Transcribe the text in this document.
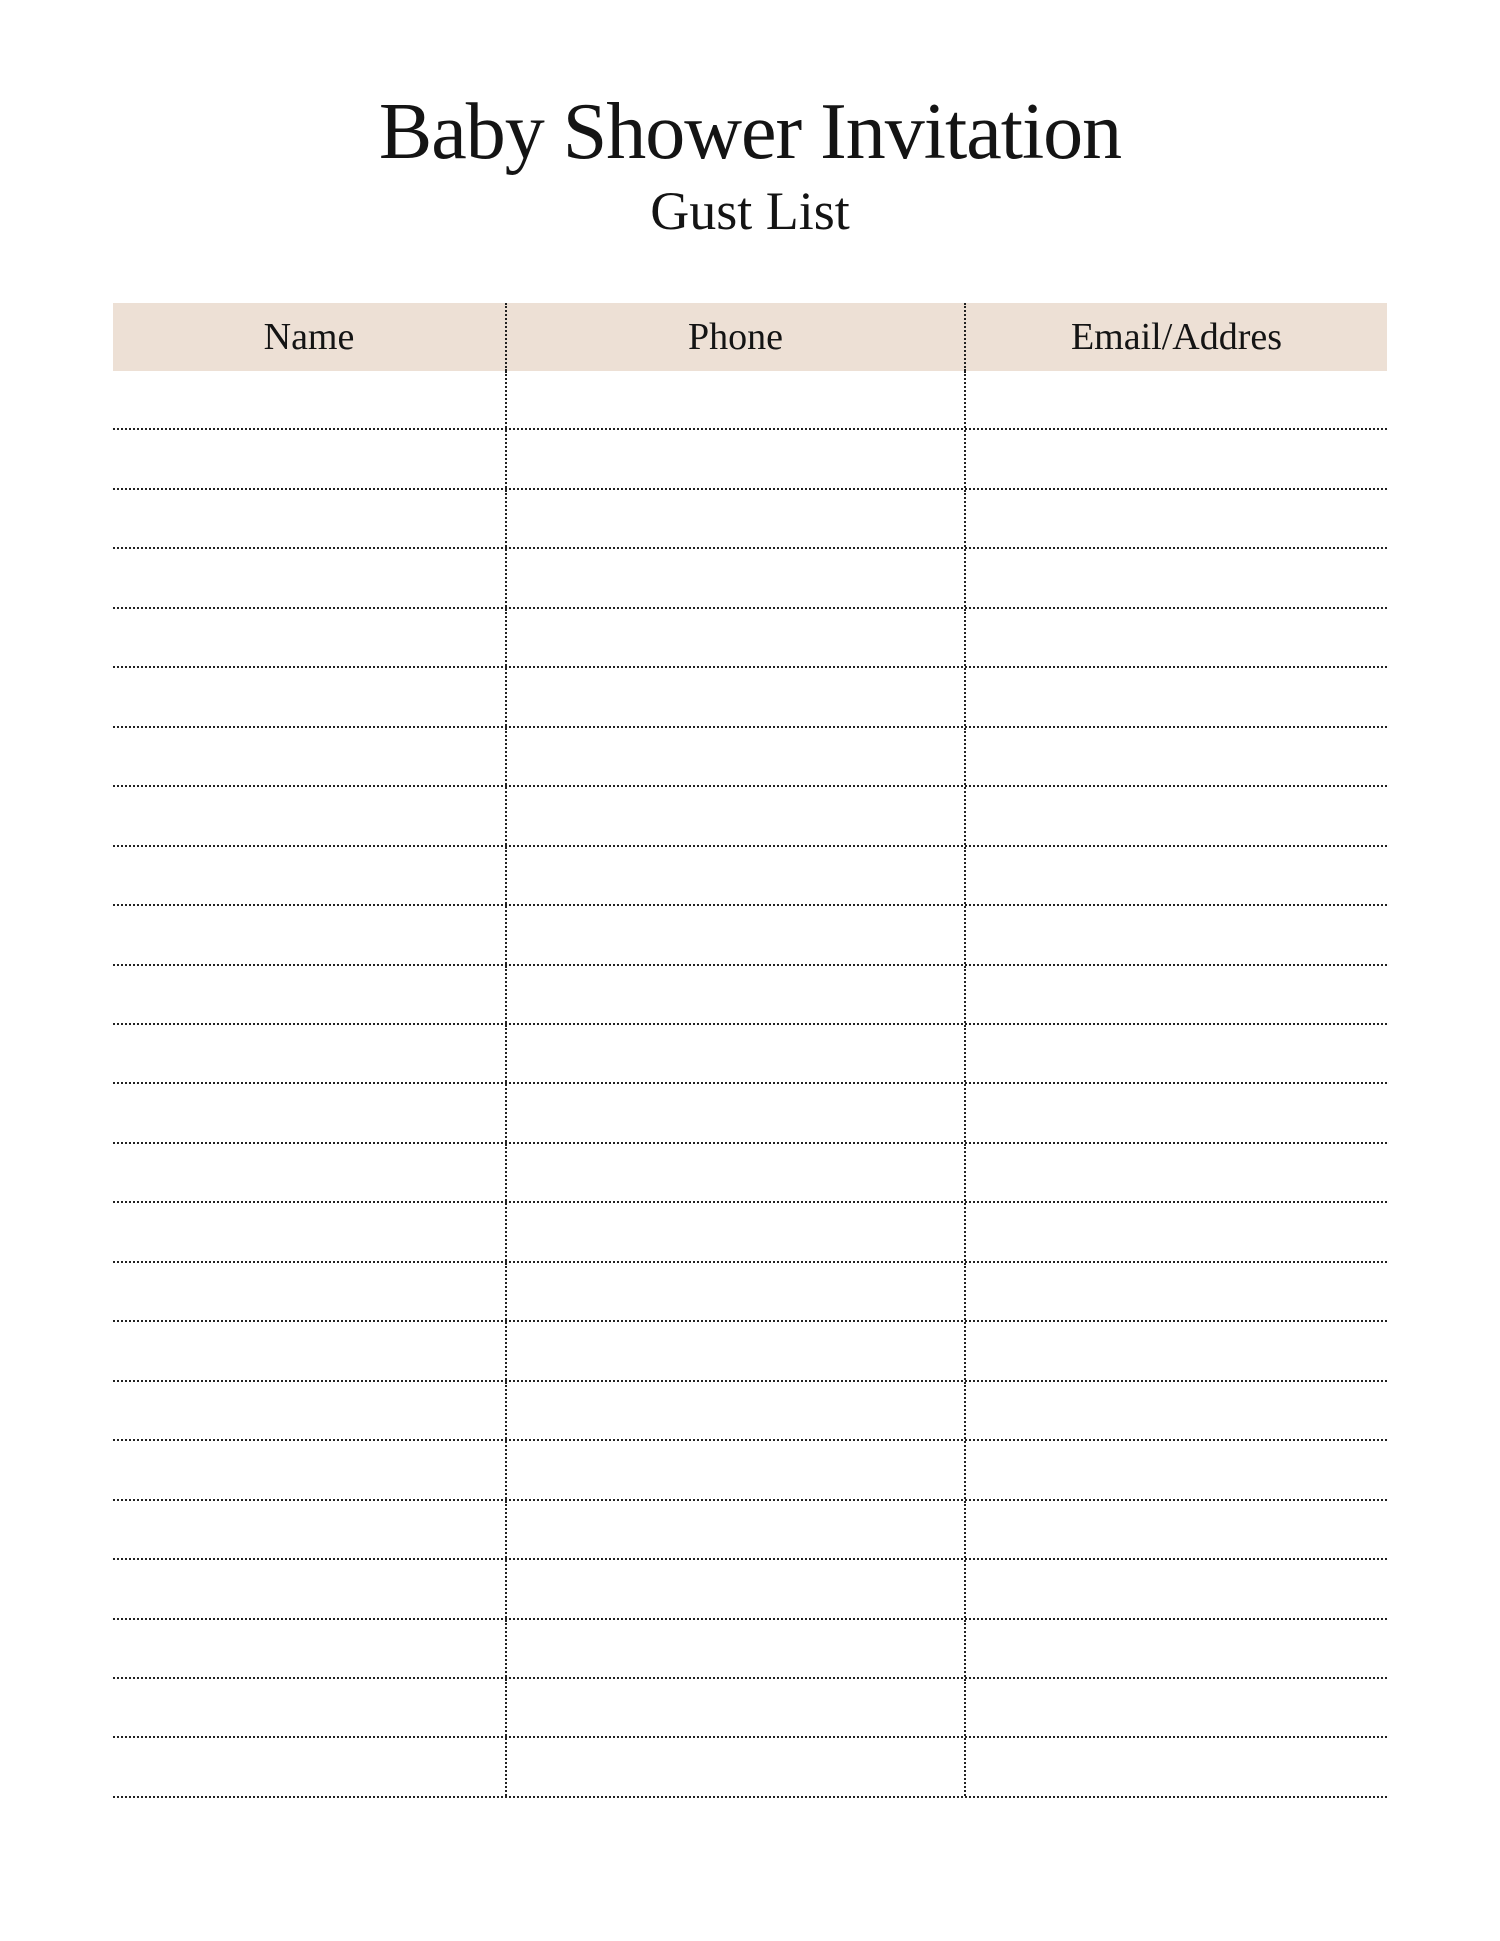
Baby Shower Invitation
Gust List
Name	Phone	Email/Addres
